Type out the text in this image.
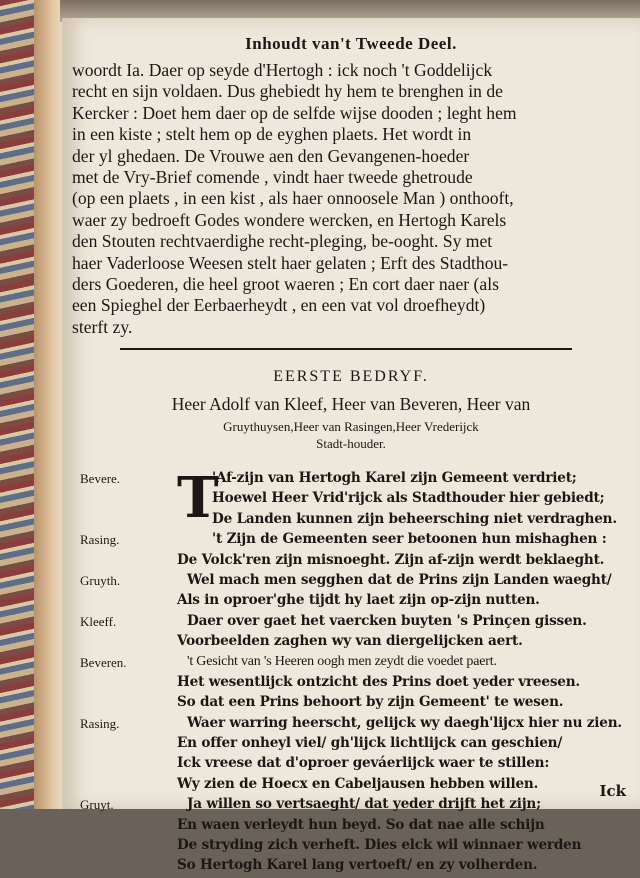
Inhoudt van't Tweede Deel.
woordt Ia. Daer op seyde d'Hertogh : ick noch 't Goddelijck
recht en sijn voldaen. Dus ghebiedt hy hem te brenghen in de
Kercker : Doet hem daer op de selfde wijse dooden ; leght hem
in een kiste ; stelt hem op de eyghen plaets. Het wordt in
der yl ghedaen. De Vrouwe aen den Gevangenen-hoeder
met de Vry-Brief comende , vindt haer tweede ghetroude
(op een plaets , in een kist , als haer onnoosele Man ) onthooft,
waer zy bedroeft Godes wondere wercken, en Hertogh Karels
den Stouten rechtvaerdighe recht-pleging, be-ooght. Sy met
haer Vaderloose Weesen stelt haer gelaten ; Erft des Stadthou-
ders Goederen, die heel groot waeren ; En cort daer naer (als
een Spieghel der Eerbaerheydt , en een vat vol droefheydt)
sterft zy.
EERSTE BEDRYF.
Heer Adolf van Kleef, Heer van Beveren, Heer van
Gruythuysen,Heer van Rasingen,Heer Vrederijck
Stadt-houder.
T
Bevere.	'Af-zijn van Hertogh Karel zijn Gemeent verdriet;
Hoewel Heer Vrid'rijck als Stadthouder hier gebiedt;
De Landen kunnen zijn beheersching niet verdraghen.
Rasing.	't Zijn de Gemeenten seer betoonen hun mishaghen :
De Volck'ren zijn misnoeght. Zijn af-zijn werdt beklaeght.
Gruyth.	Wel mach men segghen dat de Prins zijn Landen waeght/
Als in oproer'ghe tijdt hy laet zijn op-zijn nutten.
Kleeff.	Daer over gaet het vaercken buyten 's Prinçen gissen.
Voorbeelden zaghen wy van diergelijcken aert.
Beveren.	't Gesicht van 's Heeren oogh men zeydt die voedet paert.
Het wesentlijck ontzicht des Prins doet yeder vreesen.
So dat een Prins behoort by zijn Gemeent' te wesen.
Rasing.	Waer warring heerscht, gelijck wy daegh'lijcx hier nu zien.
En offer onheyl viel/ gh'lijck lichtlijck can geschien/
Ick vreese dat d'oproer geváerlijck waer te stillen:
Wy zien de Hoecx en Cabeljausen hebben willen.
Gruyt.	Ja willen so vertsaeght/ dat yeder drijft het zijn;
En waen verleydt hun beyd. So dat nae alle schijn
De stryding zich verheft. Dies elck wil winnaer werden
So Hertogh Karel lang vertoeft/ en zy volherden.
Ick
